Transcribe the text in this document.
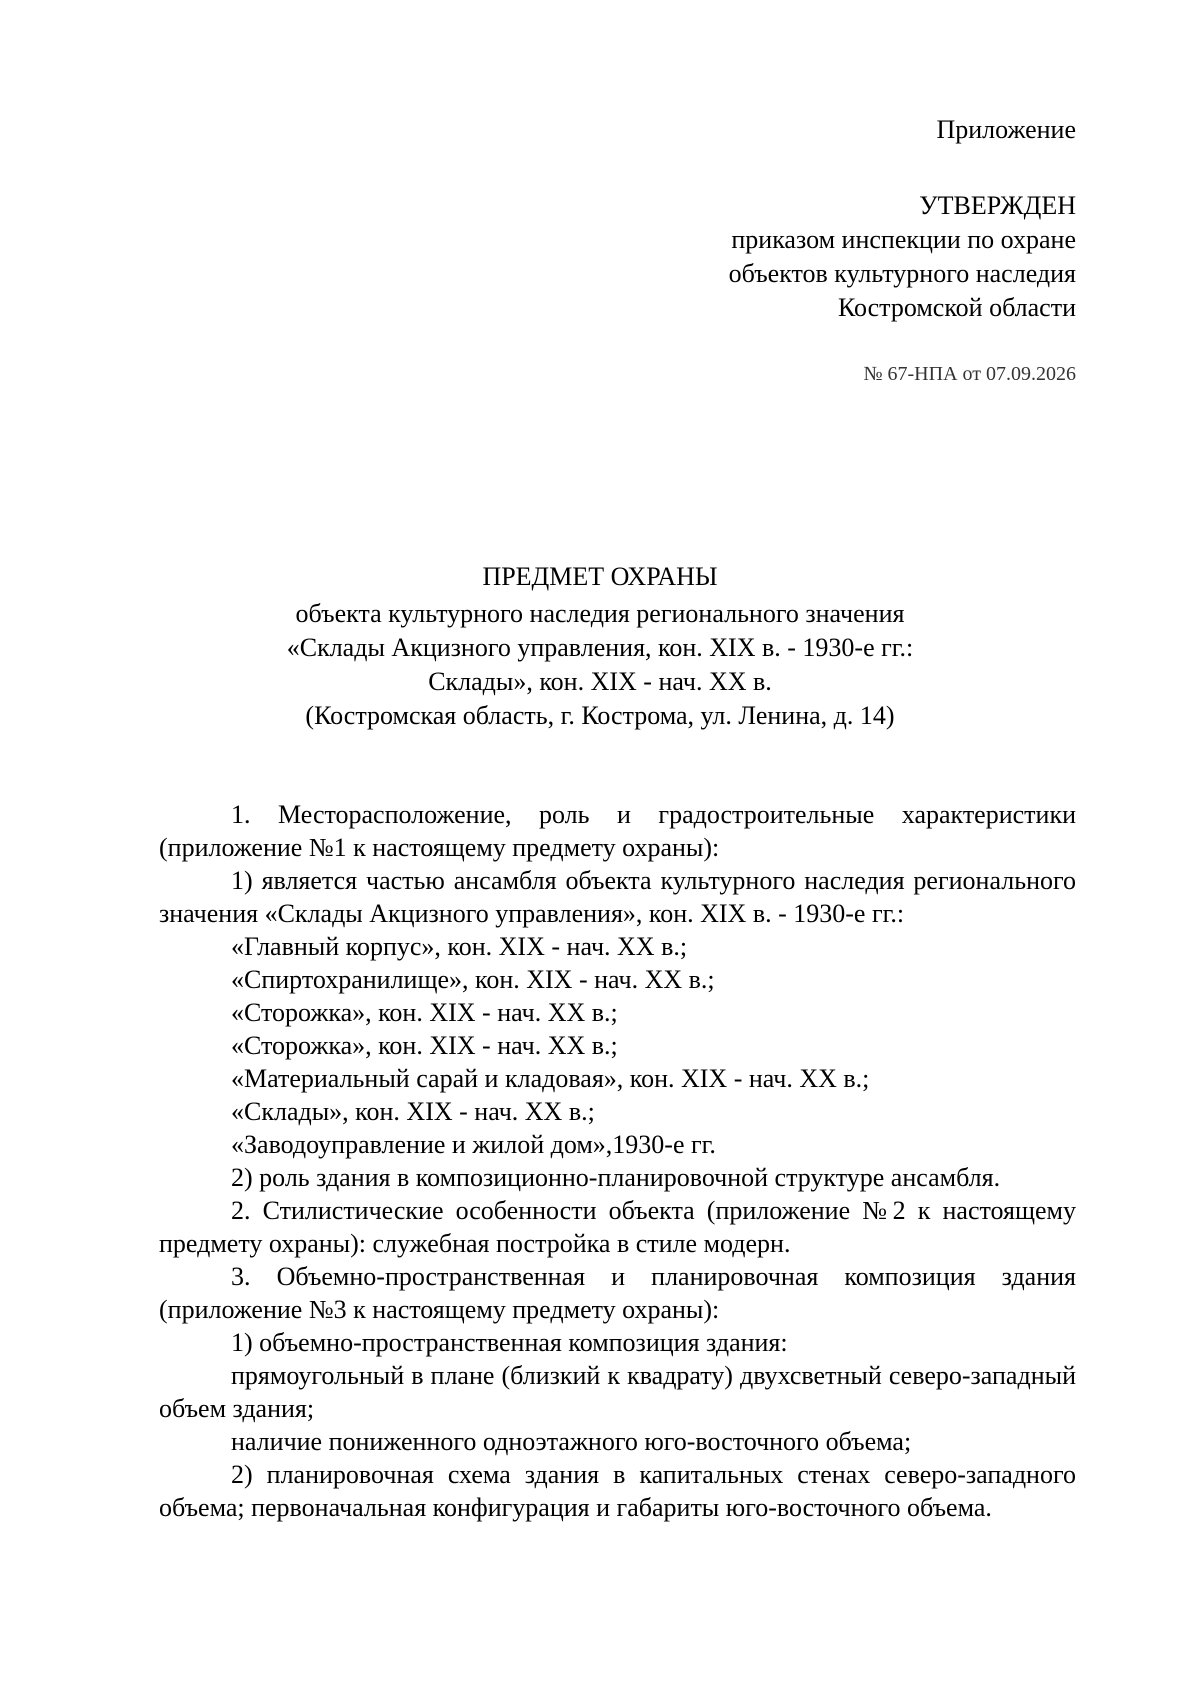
Приложение

УТВЕРЖДЕН

приказом инспекции по охране

объектов культурного наследия

Костромской области

№ 67-НПА от 07.09.2026

ПРЕДМЕТ ОХРАНЫ

объекта культурного наследия регионального значения

«Склады Акцизного управления, кон. XIX в. - 1930-е гг.:

Склады», кон. XIX - нач. XX в.

(Костромская область, г. Кострома, ул. Ленина, д. 14)

1. Месторасположение, роль и градостроительные характеристики (приложение №1 к настоящему предмету охраны):

1) является частью ансамбля объекта культурного наследия регионального значения «Склады Акцизного управления», кон. XIX в. - 1930-е гг.:

«Главный корпус», кон. XIX - нач. XX в.;

«Спиртохранилище», кон. XIX - нач. XX в.;

«Сторожка», кон. XIX - нач. XX в.;

«Сторожка», кон. XIX - нач. XX в.;

«Материальный сарай и кладовая», кон. XIX - нач. XX в.;

«Склады», кон. XIX - нач. XX в.;

«Заводоуправление и жилой дом»,1930-е гг.

2) роль здания в композиционно-планировочной структуре ансамбля.

2. Стилистические особенности объекта (приложение №2 к настоящему предмету охраны): служебная постройка в стиле модерн.

3. Объемно-пространственная и планировочная композиция здания (приложение №3 к настоящему предмету охраны):

1) объемно-пространственная композиция здания:

прямоугольный в плане (близкий к квадрату) двухсветный северо-западный объем здания;

наличие пониженного одноэтажного юго-восточного объема;

2) планировочная схема здания в капитальных стенах северо-западного объема; первоначальная конфигурация и габариты юго-восточного объема.
